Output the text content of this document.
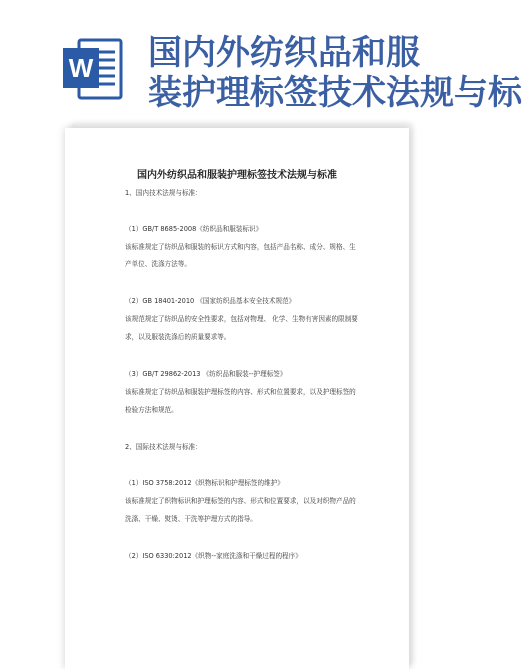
W 国内外纺织品和服
装护理标签技术法规与标
国内外纺织品和服装护理标签技术法规与标准
1、国内技术法规与标准：
（1）GB/T 8685-2008《纺织品和服装标识》
该标准规定了纺织品和服装的标识方式和内容，包括产品名称、成分、规格、生
产单位、洗涤方法等。
（2）GB 18401-2010 《国家纺织品基本安全技术规范》
该规范规定了纺织品的安全性要求，包括对物理、 化学、生物有害因素的限制要
求，以及服装洗涤后的质量要求等。
（3）GB/T 29862-2013 《纺织品和服装--护理标签》
该标准规定了纺织品和服装护理标签的内容、形式和位置要求，以及护理标签的
检验方法和规范。
2、国际技术法规与标准：
（1）ISO 3758:2012《织物标识和护理标签的维护》
该标准规定了织物标识和护理标签的内容、形式和位置要求，以及对织物产品的
洗涤、干燥、熨烫、干洗等护理方式的指导。
（2）ISO 6330:2012《织物--家庭洗涤和干燥过程的程序》
